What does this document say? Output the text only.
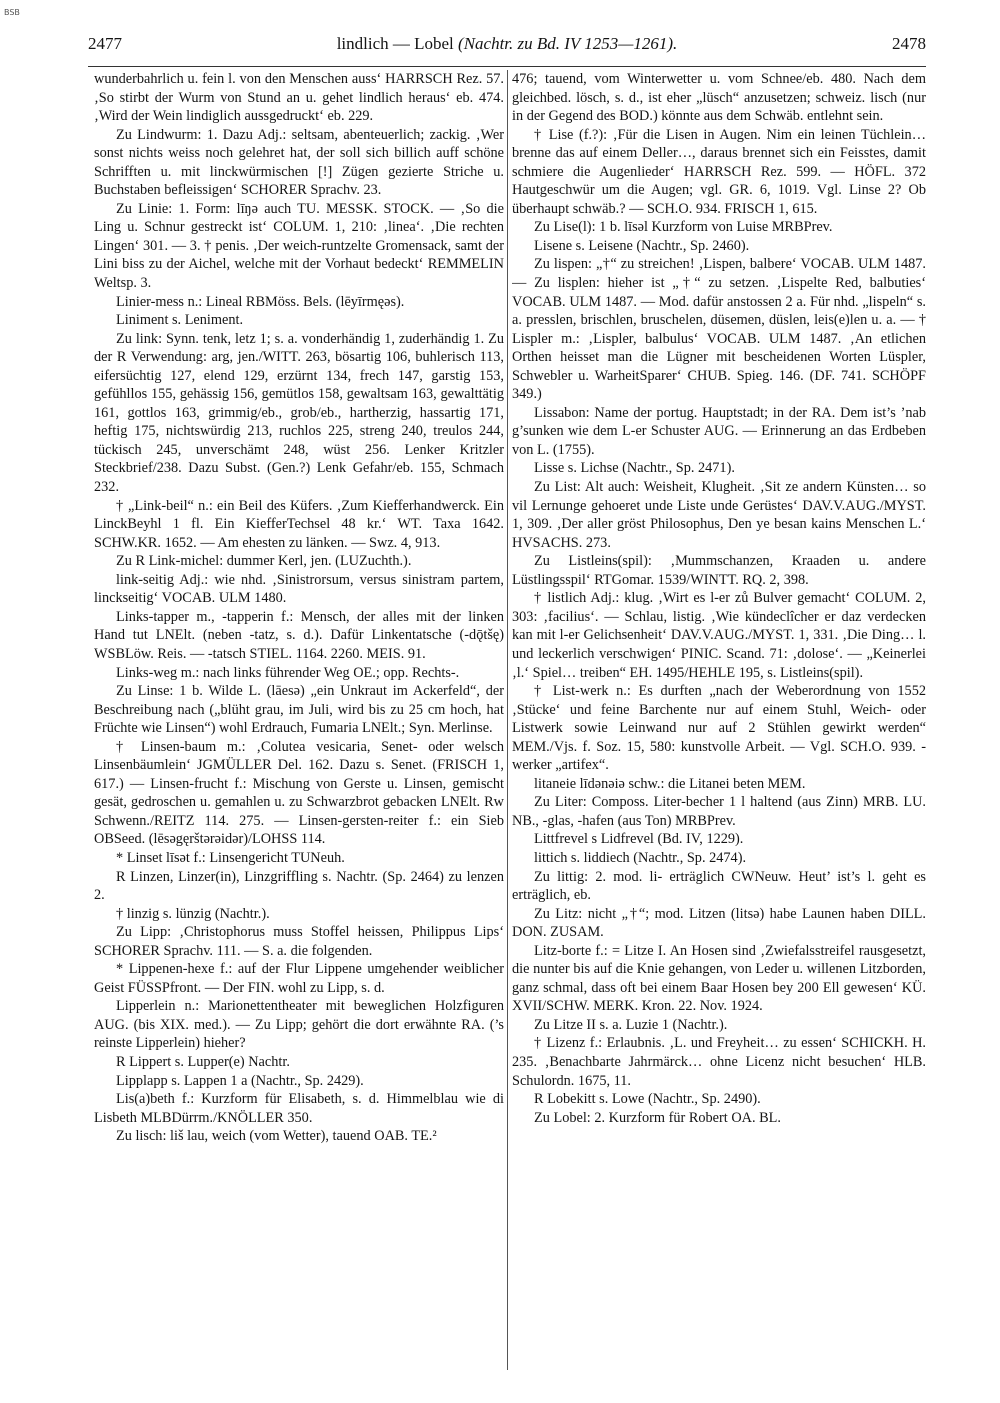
BSB
2477	lindlich — Lobel (Nachtr. zu Bd. IV 1253—1261).	2478

wunderbahrlich u. fein l. von den Menschen auss‘ HARRSCH Rez. 57. ‚So stirbt der Wurm von Stund an u. gehet lindlich heraus‘ eb. 474. ‚Wird der Wein lindiglich aussgedruckt‘ eb. 229.

Zu Lindwurm: 1. Dazu Adj.: seltsam, abenteuerlich; zackig. ‚Wer sonst nichts weiss noch gelehret hat, der soll sich billich auff schöne Schrifften u. mit linckwürmischen [!] Zügen gezierte Striche u. Buchstaben befleissigen‘ SCHORER Sprachv. 23.

Zu Linie: 1. Form: līŋə auch TU. MESSK. STOCK. — ‚So die Ling u. Schnur gestreckt ist‘ COLUM. 1, 210: ‚linea‘. ‚Die rechten Lingen‘ 301. — 3. † penis. ‚Der weich-runtzelte Gromensack, samt der Lini biss zu der Aichel, welche mit der Vorhaut bedeckt‘ REMMELIN Weltsp. 3.

Linier-mess n.: Lineal RBMöss. Bels. (lēyīrmęəs).

Liniment s. Leniment.

Zu link: Synn. tenk, letz 1; s. a. vonderhändig 1, zuderhändig 1. Zu der R Verwendung: arg, jen./WITT. 263, bösartig 106, buhlerisch 113, eifersüchtig 127, elend 129, erzürnt 134, frech 147, garstig 153, gefühllos 155, gehässig 156, gemütlos 158, gewaltsam 163, gewalttätig 161, gottlos 163, grimmig/eb., grob/eb., hartherzig, hassartig 171, heftig 175, nichtswürdig 213, ruchlos 225, streng 240, treulos 244, tückisch 245, unverschämt 248, wüst 256. Lenker Kritzler Steckbrief/238. Dazu Subst. (Gen.?) Lenk Gefahr/eb. 155, Schmach 232.

† „Link-beil“ n.: ein Beil des Küfers. ‚Zum Kiefferhandwerck. Ein LinckBeyhl 1 fl. Ein KiefferTechsel 48 kr.‘ WT. Taxa 1642. SCHW.KR. 1652. — Am ehesten zu länken. — Swz. 4, 913.

Zu R Link-michel: dummer Kerl, jen. (LUZuchth.).

link-seitig Adj.: wie nhd. ‚Sinistrorsum, versus sinistram partem, linckseitig‘ VOCAB. ULM 1480.

Links-tapper m., -tapperin f.: Mensch, der alles mit der linken Hand tut LNElt. (neben -tatz, s. d.). Dafür Linkentatsche (-dǭtšę) WSBLöw. Reis. — -tatsch STIEL. 1164. 2260. MEIS. 91.

Links-weg m.: nach links führender Weg OE.; opp. Rechts-.

Zu Linse: 1 b. Wilde L. (lāesə) „ein Unkraut im Ackerfeld“, der Beschreibung nach („blüht grau, im Juli, wird bis zu 25 cm hoch, hat Früchte wie Linsen“) wohl Erdrauch, Fumaria LNElt.; Syn. Merlinse.

† Linsen-baum m.: ‚Colutea vesicaria, Senet- oder welsch Linsenbäumlein‘ JGMÜLLER Del. 162. Dazu s. Senet. (FRISCH 1, 617.) — Linsen-frucht f.: Mischung von Gerste u. Linsen, gemischt gesät, gedroschen u. gemahlen u. zu Schwarzbrot gebacken LNElt. Rw Schwenn./REITZ 114. 275. — Linsen-gersten-reiter f.: ein Sieb OBSeed. (lēsəgęrštərəidər)/LOHSS 114.

* Linset līsət f.: Linsengericht TUNeuh.

R Linzen, Linzer(in), Linzgriffling s. Nachtr. (Sp. 2464) zu lenzen 2.

† linzig s. lünzig (Nachtr.).

Zu Lipp: ‚Christophorus muss Stoffel heissen, Philippus Lips‘ SCHORER Sprachv. 111. — S. a. die folgenden.

* Lippenen-hexe f.: auf der Flur Lippene umgehender weiblicher Geist FÜSSPfront. — Der FIN. wohl zu Lipp, s. d.

Lipperlein n.: Marionettentheater mit beweglichen Holzfiguren AUG. (bis XIX. med.). — Zu Lipp; gehört die dort erwähnte RA. (’s reinste Lipperlein) hieher?

R Lippert s. Lupper(e) Nachtr.

Lipplapp s. Lappen 1 a (Nachtr., Sp. 2429).

Lis(a)beth f.: Kurzform für Elisabeth, s. d. Himmelblau wie di Lisbeth MLBDürrm./KNÖLLER 350.

Zu lisch: liš lau, weich (vom Wetter), tauend OAB. TE.²

476; tauend, vom Winterwetter u. vom Schnee/eb. 480. Nach dem gleichbed. lösch, s. d., ist eher „lüsch“ anzusetzen; schweiz. lisch (nur in der Gegend des BOD.) könnte aus dem Schwäb. entlehnt sein.

† Lise (f.?): ‚Für die Lisen in Augen. Nim ein leinen Tüchlein… brenne das auf einem Deller…, daraus brennet sich ein Feisstes, damit schmiere die Augenlieder‘ HARRSCH Rez. 599. — HÖFL. 372 Hautgeschwür um die Augen; vgl. GR. 6, 1019. Vgl. Linse 2? Ob überhaupt schwäb.? — SCH.O. 934. FRISCH 1, 615.

Zu Lise(l): 1 b. līsəl Kurzform von Luise MRBPrev.

Lisene s. Leisene (Nachtr., Sp. 2460).

Zu lispen: „†“ zu streichen! ‚Lispen, balbere‘ VOCAB. ULM 1487. — Zu lisplen: hieher ist „†“ zu setzen. ‚Lispelte Red, balbuties‘ VOCAB. ULM 1487. — Mod. dafür anstossen 2 a. Für nhd. „lispeln“ s. a. presslen, brischlen, bruschelen, düsemen, düslen, leis(e)len u. a. — † Lispler m.: ‚Lispler, balbulus‘ VOCAB. ULM 1487. ‚An etlichen Orthen heisset man die Lügner mit bescheidenen Worten Lüspler, Schwebler u. WarheitSparer‘ CHUB. Spieg. 146. (DF. 741. SCHÖPF 349.)

Lissabon: Name der portug. Hauptstadt; in der RA. Dem ist’s ’nab g’sunken wie dem L-er Schuster AUG. — Erinnerung an das Erdbeben von L. (1755).

Lisse s. Lichse (Nachtr., Sp. 2471).

Zu List: Alt auch: Weisheit, Klugheit. ‚Sit ze andern Künsten… so vil Lernunge gehoeret unde Liste unde Gerüstes‘ DAV.V.AUG./MYST. 1, 309. ‚Der aller gröst Philosophus, Den ye besan kains Menschen L.‘ HVSACHS. 273.

Zu Listleins(spil): ‚Mummschanzen, Kraaden u. andere Lüstlingsspil‘ RTGomar. 1539/WINTT. RQ. 2, 398.

† listlich Adj.: klug. ‚Wirt es l-er zů Bulver gemacht‘ COLUM. 2, 303: ‚facilius‘. — Schlau, listig. ‚Wie kündeclîcher er daz verdecken kan mit l-er Gelichsenheit‘ DAV.V.AUG./MYST. 1, 331. ‚Die Ding… l. und leckerlich verschwigen‘ PINIC. Scand. 71: ‚dolose‘. — „Keinerlei ‚l.‘ Spiel… treiben“ EH. 1495/HEHLE 195, s. Listleins(spil).

† List-werk n.: Es durften „nach der Weberordnung von 1552 ‚Stücke‘ und feine Barchente nur auf einem Stuhl, Weich- oder Listwerk sowie Leinwand nur auf 2 Stühlen gewirkt werden“ MEM./Vjs. f. Soz. 15, 580: kunstvolle Arbeit. — Vgl. SCH.O. 939. -werker „artifex“.

litaneie līdənəiə schw.: die Litanei beten MEM.

Zu Liter: Composs. Liter-becher 1 l haltend (aus Zinn) MRB. LU. NB., -glas, -hafen (aus Ton) MRBPrev.

Littfrevel s Lidfrevel (Bd. IV, 1229).

littich s. liddiech (Nachtr., Sp. 2474).

Zu littig: 2. mod. li- erträglich CWNeuw. Heut’ ist’s l. geht es erträglich, eb.

Zu Litz: nicht „†“; mod. Litzen (litsə) habe Launen haben DILL. DON. ZUSAM.

Litz-borte f.: = Litze I. An Hosen sind ‚Zwiefalsstreifel rausgesetzt, die nunter bis auf die Knie gehangen, von Leder u. willenen Litzborden, ganz schmal, dass oft bei einem Baar Hosen bey 200 Ell gewesen‘ KÜ. XVII/SCHW. MERK. Kron. 22. Nov. 1924.

Zu Litze II s. a. Luzie 1 (Nachtr.).

† Lizenz f.: Erlaubnis. ‚L. und Freyheit… zu essen‘ SCHICKH. H. 235. ‚Benachbarte Jahrmärck… ohne Licenz nicht besuchen‘ HLB. Schulordn. 1675, 11.

R Lobekitt s. Lowe (Nachtr., Sp. 2490).

Zu Lobel: 2. Kurzform für Robert OA. BL.
